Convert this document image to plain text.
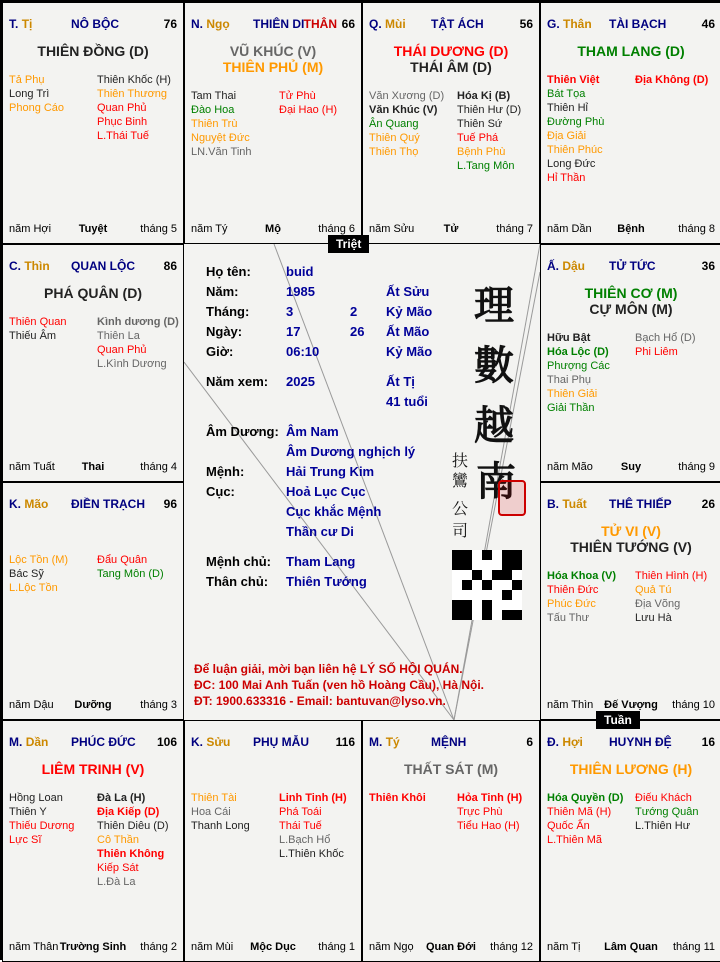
T. Tị	NÔ BỘC	76
THIÊN ĐỒNG (D)
Tả Phụ
Long Trì
Phong Cáo
Thiên Khốc (H)
Thiên Thương
Quan Phủ
Phục Binh
L.Thái Tuế
năm Hợi	Tuyệt	tháng 5
N. Ngọ THIÊN DI THÂN 66
VŨ KHÚC (V)
THIÊN PHỦ (M)
Tam Thai
Đào Hoa
Thiên Trù
Nguyệt Đức
LN.Văn Tinh
Tử Phù
Đại Hao (H)
năm Tý	Mộ	tháng 6
Q. Mùi TẬT ÁCH	56
THÁI DƯƠNG (D)
THÁI ÂM (D)
Văn Xương (D)
Văn Khúc (V)
Ân Quang
Thiên Quý
Thiên Thọ
Hóa Kị (B)
Thiên Hư (D)
Thiên Sứ
Tuế Phá
Bệnh Phù
L.Tang Môn
năm Sửu	Tử	tháng 7
G. Thân TÀI BẠCH	46
THAM LANG (D)
Thiên Việt
Bát Tọa
Thiên Hỉ
Đường Phù
Địa Giải
Thiên Phúc
Long Đức
Hỉ Thần
Địa Không (D)
năm Dần	Bệnh	tháng 8
C. Thìn QUAN LỘC 86
PHÁ QUÂN (D)
Thiên Quan
Thiếu Âm
Kình dương (D)
Thiên La
Quan Phủ
L.Kình Dương
năm Tuất	Thai	tháng 4
Ấ. Dậu TỬ TỨC	36
THIÊN CƠ (M)
CỰ MÔN (M)
Hữu Bật
Hóa Lộc (D)
Phượng Các
Thai Phụ
Thiên Giải
Giải Thần
Bạch Hổ (D)
Phi Liêm
năm Mão	Suy	tháng 9
K. Mão ĐIỀN TRẠCH 96
Lộc Tồn (M)
Bác Sỹ
L.Lộc Tồn
Đẩu Quân
Tang Môn (D)
năm Dậu	Dưỡng	tháng 3
B. Tuất THÊ THIẾP 26
TỬ VI (V)
THIÊN TƯỚNG (V)
Hóa Khoa (V)
Thiên Đức
Phúc Đức
Tấu Thư
Thiên Hình (H)
Quả Tú
Địa Võng
Lưu Hà
năm Thìn Đế Vượng	tháng 10
M. Dần PHÚC ĐỨC 106
LIÊM TRINH (V)
Hồng Loan
Thiên Y
Thiếu Dương
Lực Sĩ
Đà La (H)
Địa Kiếp (D)
Thiên Diêu (D)
Cô Thần
Thiên Không
Kiếp Sát
L.Đà La
năm Thân Trường Sinh	tháng 2
K. Sửu PHỤ MẪU 116
Thiên Tài
Hoa Cái
Thanh Long
Linh Tinh (H)
Phá Toái
Thái Tuế
L.Bạch Hổ
L.Thiên Khốc
năm Mùi	Mộc Dục	tháng 1
M. Tý	MỆNH	6
THẤT SÁT (M)
Thiên Khôi	Hỏa Tinh (H)
Trực Phù
Tiểu Hao (H)
năm Ngọ	Quan Đới	tháng 12
Đ. Hợi HUYNH ĐỆ 16
THIÊN LƯƠNG (H)
Hóa Quyền (D)
Thiên Mã (H)
Quốc Ấn
L.Thiên Mã
Điếu Khách
Tướng Quân
L.Thiên Hư
năm Tị	Lâm Quan	tháng 11
Họ tên:	buid
Năm:	1985	Ất Sửu
Tháng:	3	2 Kỷ Mão
Ngày:	17	26 Ất Mão
Giờ:	06:10	Kỷ Mão
Năm xem: 2025	Ất Tị
41 tuổi
Âm Dương: Âm Nam
Âm Dương nghịch lý
Mệnh:	Hải Trung Kim
Cục:	Hoả Lục Cục
Cục khắc Mệnh
Thần cư Di
Mệnh chủ: Tham Lang
Thân chủ: Thiên Tướng
理
數
越
南
扶
鸞
公
司
Để luận giải, mời bạn liên hệ LÝ SỐ HỘI QUÁN.
ĐC: 100 Mai Anh Tuấn (ven hồ Hoàng Cầu), Hà Nội.
ĐT: 1900.633316 - Email: bantuvan@lyso.vn.
Triệt
Tuần
